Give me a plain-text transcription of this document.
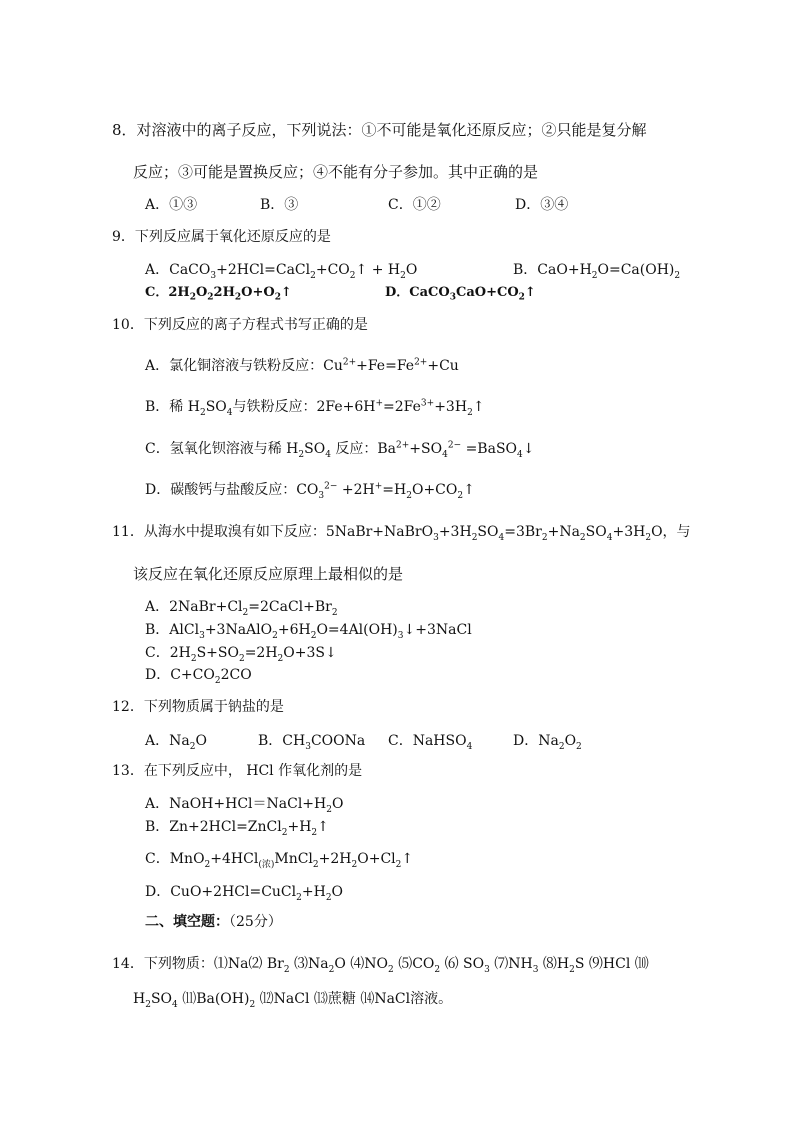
8．对溶液中的离子反应，下列说法：①不可能是氧化还原反应；②只能是复分解
反应；③可能是置换反应；④不能有分子参加。其中正确的是
A．①③	B．③	C．①②	D．③④
9．下列反应属于氧化还原反应的是
A．$CaCO_3+2HCl=CaCl_2+CO_2↑ + H_2O$	B．$CaO+H_2O=Ca(OH)_2$
C．$2H_2O_22H_2O+O_2↑$	D．$CaCO_3CaO+CO_2↑$
10．下列反应的离子方程式书写正确的是
A．氯化铜溶液与铁粉反应：$Cu^{2+}+Fe=Fe^{2+}+Cu$
B．稀 $H_2SO_4$与铁粉反应：$2Fe+6H^+=2Fe^{3+}+3H_2↑$
C．氢氧化钡溶液与稀 $H_2SO_4$ 反应：$Ba^{2+}+SO_4^{2-}$ =BaSO$_4$↓
D．碳酸钙与盐酸反应：$CO_3^{2-}$ $+2H^+=H_2O+CO_2↑$
11．从海水中提取溴有如下反应：$5NaBr+NaBrO_3+3H_2SO_4=3Br_2+Na_2SO_4+3H_2O$，与
该反应在氧化还原反应原理上最相似的是
A．$2NaBr+Cl_2=2CaCl+Br_2$
B．$AlCl_3+3NaAlO_2+6H_2O=4Al(OH)_3↓+3NaCl$
C．$2H_2S+SO_2=2H_2O+3S↓$
D．$C+CO_22CO$
12．下列物质属于钠盐的是
A．$Na_2O$	B．$CH_3COONa$ C．NaHSO$_4$	D．$Na_2O_2$
13．在下列反应中， HCl 作氧化剂的是
A．$NaOH+HCl=NaCl+H_2O$
B．$Zn+2HCl=ZnCl_2+H_2↑$
C．$MnO_2+4HCl_{(浓)}MnCl_2+2H_2O+Cl_2↑$
D．$CuO+2HCl=CuCl_2+H_2O$
二、填空题：（25分）
14．下列物质：⑴Na⑵ $Br_2$ $⑶Na_2O$ $⑷NO_2$ $⑸CO_2$ ⑹ $SO_3$ $⑺NH_3$ $⑻H_2S$ ⑼HCl ⑽
$H_2SO_4$ $⑾Ba(OH)_2$ ⑿NaCl ⒀蔗糖 ⒁NaCl溶液。
